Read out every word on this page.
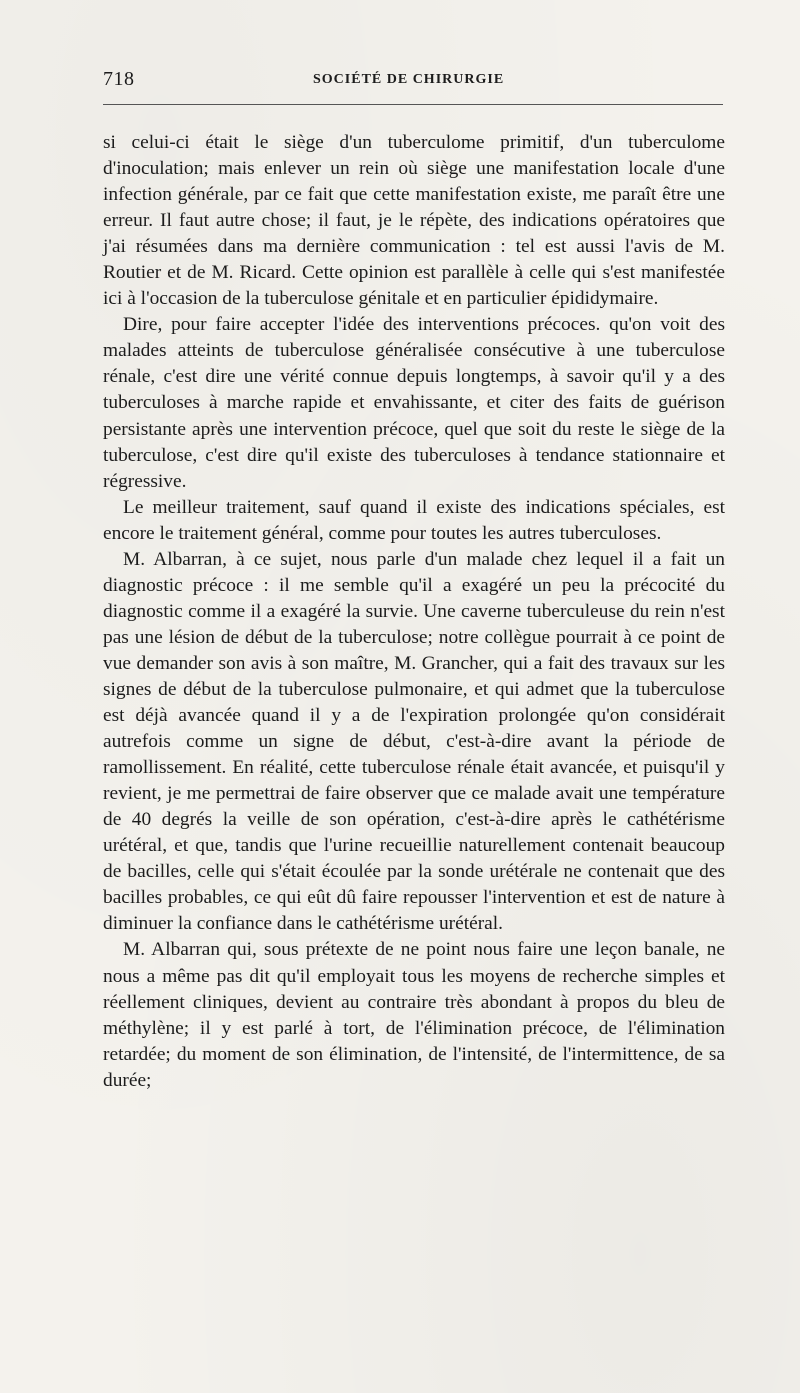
718	SOCIÉTÉ DE CHIRURGIE

si celui-ci était le siège d'un tuberculome primitif, d'un tuberculome d'inoculation; mais enlever un rein où siège une manifestation locale d'une infection générale, par ce fait que cette manifestation existe, me paraît être une erreur. Il faut autre chose; il faut, je le répète, des indications opératoires que j'ai résumées dans ma dernière communication : tel est aussi l'avis de M. Routier et de M. Ricard. Cette opinion est parallèle à celle qui s'est manifestée ici à l'occasion de la tuberculose génitale et en particulier épididymaire.

Dire, pour faire accepter l'idée des interventions précoces. qu'on voit des malades atteints de tuberculose généralisée consécutive à une tuberculose rénale, c'est dire une vérité connue depuis longtemps, à savoir qu'il y a des tuberculoses à marche rapide et envahissante, et citer des faits de guérison persistante après une intervention précoce, quel que soit du reste le siège de la tuberculose, c'est dire qu'il existe des tuberculoses à tendance stationnaire et régressive.

Le meilleur traitement, sauf quand il existe des indications spéciales, est encore le traitement général, comme pour toutes les autres tuberculoses.

M. Albarran, à ce sujet, nous parle d'un malade chez lequel il a fait un diagnostic précoce : il me semble qu'il a exagéré un peu la précocité du diagnostic comme il a exagéré la survie. Une caverne tuberculeuse du rein n'est pas une lésion de début de la tuberculose; notre collègue pourrait à ce point de vue demander son avis à son maître, M. Grancher, qui a fait des travaux sur les signes de début de la tuberculose pulmonaire, et qui admet que la tuberculose est déjà avancée quand il y a de l'expiration prolongée qu'on considérait autrefois comme un signe de début, c'est-à-dire avant la période de ramollissement. En réalité, cette tuberculose rénale était avancée, et puisqu'il y revient, je me permettrai de faire observer que ce malade avait une température de 40 degrés la veille de son opération, c'est-à-dire après le cathétérisme urétéral, et que, tandis que l'urine recueillie naturellement contenait beaucoup de bacilles, celle qui s'était écoulée par la sonde urétérale ne contenait que des bacilles probables, ce qui eût dû faire repousser l'intervention et est de nature à diminuer la confiance dans le cathétérisme urétéral.

M. Albarran qui, sous prétexte de ne point nous faire une leçon banale, ne nous a même pas dit qu'il employait tous les moyens de recherche simples et réellement cliniques, devient au contraire très abondant à propos du bleu de méthylène; il y est parlé à tort, de l'élimination précoce, de l'élimination retardée; du moment de son élimination, de l'intensité, de l'intermittence, de sa durée;
